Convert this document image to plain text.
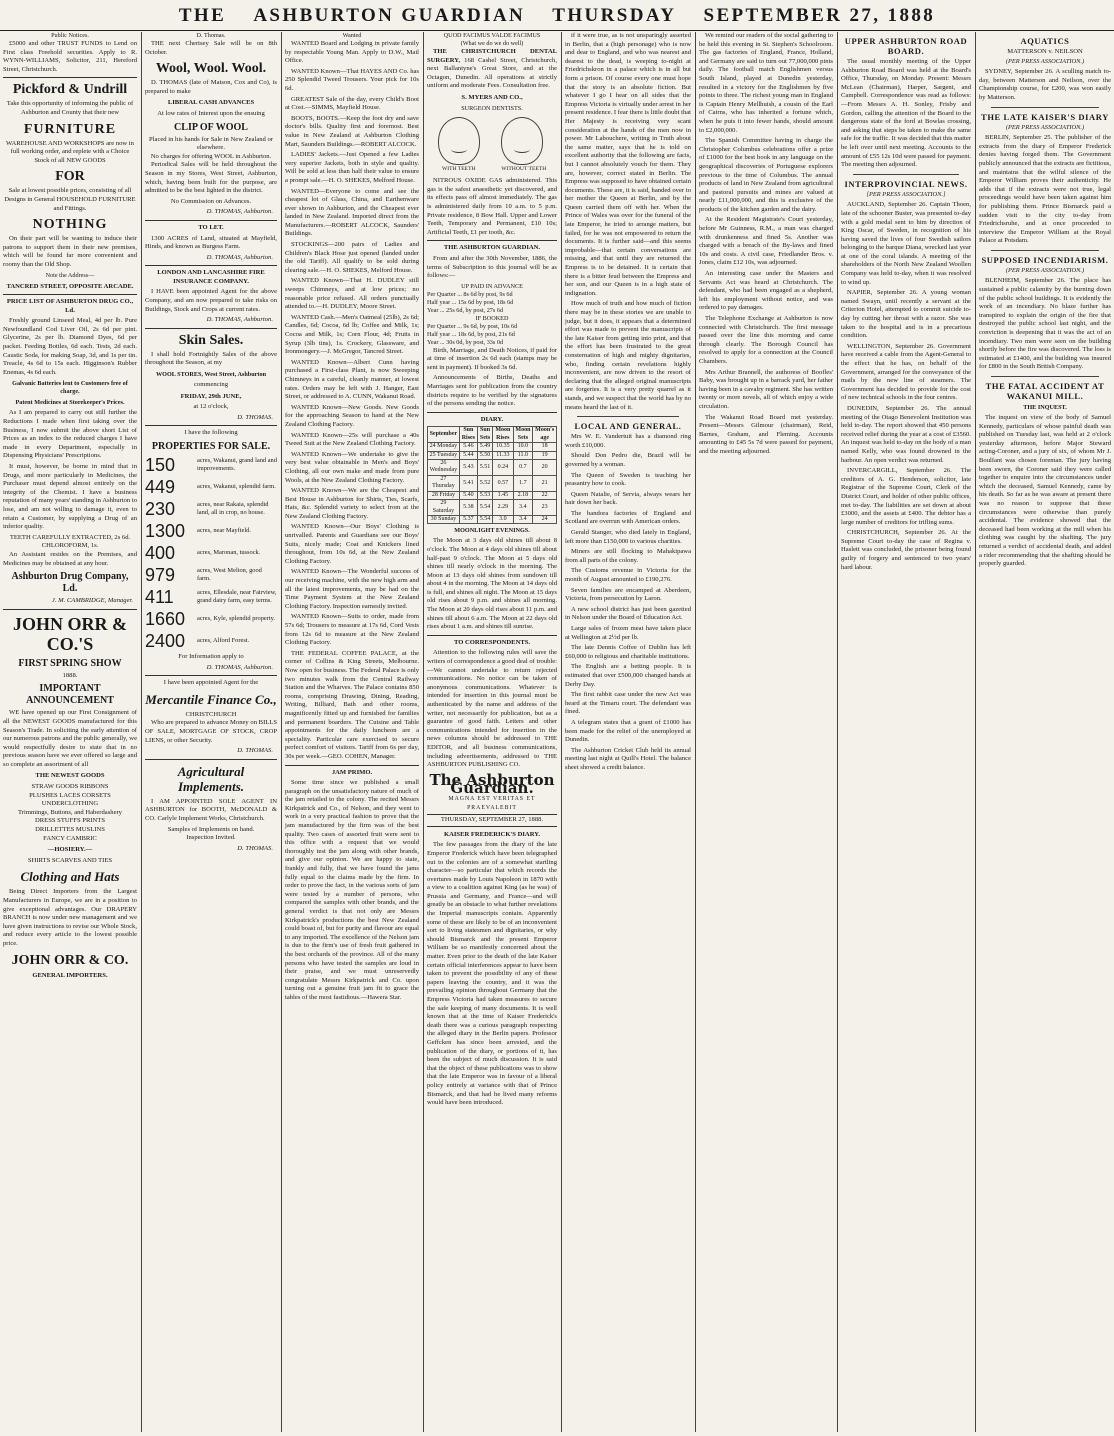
THE ASHBURTON GUARDIAN THURSDAY SEPTEMBER 27, 1888
Public Notices.
£5000 and other TRUST FUNDS to Lend on First class Freehold securities. Apply to R. WYNN-WILLIAMS, Solicitor, 211, Hereford Street, Christchurch.
Pickford & Undrill
Take this opportunity of informing the public of Ashburton and County that their new
FURNITURE
WAREHOUSE AND WORKSHOPS are now in full working order, and replete with a Choice Stock of all NEW GOODS
FOR
Sale at lowest possible prices, consisting of all Designs in General HOUSEHOLD FURNITURE and Fittings.
NOTHING
On their part will be wanting to induce their patrons to support them in their new premises, which will be found far more convenient and roomy than the Old Shop.
Note the Address—
TANCRED STREET, OPPOSITE ARCADE.
PRICE LIST OF ASHBURTON DRUG CO., Ld.
Freshly ground Linseed Meal, 4d per lb. Pure Newfoundland Cod Liver Oil, 2s 6d per pint. Glycerine, 2s per lb. Diamond Dyes, 6d per packet. Feeding Bottles, 6d each. Tests, 2d each. Caustic Soda, for making Soap, 3d, and 1s per tin. Treacle, 4s 6d to 15s each. Higginson's Rubber Enemas, 4s 6d each.
Galvanic Batteries lent to Customers free of charge.
Patent Medicines at Storekeeper's Prices.
As I am prepared to carry out still further the Reductions I made when first taking over the Business, I now submit the above short List of Prices as an index to the reduced charges I have made in every Department, especially in Dispensing Physicians' Prescriptions.
It must, however, be borne in mind that in Drugs, and more particularly in Medicines, the Purchaser must depend almost entirely on the integrity of the Chemist. I have a business reputation of many years' standing in Ashburton to lose, and am not willing to damage it, even to retain a Customer, by supplying a Drug of an inferior quality.
TEETH CAREFULLY EXTRACTED, 2s 6d. CHLOROFORM, 1s.
An Assistant resides on the Premises, and Medicines may be obtained at any hour.
Ashburton Drug Company, Ld.
J. M. CAMBRIDGE, Manager.
JOHN ORR & CO.'S
FIRST SPRING SHOW
1888.
IMPORTANT ANNOUNCEMENT
WE have opened up our First Consignment of all the NEWEST GOODS manufactured for this Season's Trade. In soliciting the early attention of our numerous patrons and the public generally, we would respectfully desire to state that in no previous season have we ever offered so large and so complete an assortment of all
THE NEWEST GOODS
STRAW GOODS RIBBONS
PLUSHES LACES CORSETS
UNDERCLOTHING
Trimmings, Buttons, and Haberdashery
DRESS STUFFS PRINTS
DRILLETTES MUSLINS
FANCY CAMBRIC
—HOSIERY.—
SHIRTS SCARVES AND TIES
Clothing and Hats
Being Direct Importers from the Largest Manufacturers in Europe, we are in a position to give exceptional advantages. Our DRAPERY BRANCH is now under new management and we have given instructions to revise our Whole Stock, and reduce every article to the lowest possible price.
JOHN ORR & CO.
GENERAL IMPORTERS.
D. Thomas.
THE next Chertsey Sale will be on 8th October.
Wool, Wool. Wool.
D. THOMAS (late of Matson, Cox and Co), is prepared to make
LIBERAL CASH ADVANCES
At low rates of Interest upon the ensuing
CLIP OF WOOL
Placed in his hands for Sale in New Zealand or elsewhere.
No charges for offering WOOL in Ashburton.
Periodical Sales will be held throughout the Season in my Stores, West Street, Ashburton, which, having been built for the purpose, are admitted to be the best lighted in the district.
No Commission on Advances.
D. THOMAS, Ashburton.
TO LET.
1300 ACRES of Land, situated at Mayfield, Hinds, and known as Burgess Farm.
D. THOMAS, Ashburton.
LONDON AND LANCASHIRE FIRE INSURANCE COMPANY.
I HAVE been appointed Agent for the above Company, and am now prepared to take risks on Buildings, Stock and Crops at current rates.
D. THOMAS, Ashburton.
Skin Sales.
I shall hold Fortnightly Sales of the above throughout the Season, at my
WOOL STORES, West Street, Ashburton
commencing
FRIDAY, 29th JUNE,
at 12 o'clock,
D. THOMAS.
I have the following
PROPERTIES FOR SALE.
150	acres, Wakanui, grand land and improvements.
449	acres, Wakanui, splendid farm.
230	acres, near Rakaia, splendid land, all in crop, no house.
1300	acres, near Mayfield.
400	acres, Maronan, tussock.
979	acres, West Melton, good farm.
411	acres, Ellesdale, near Fairview, grand dairy farm, easy terms.
1660	acres, Kyle, splendid property.
2400	acres, Alford Forest.
For Information apply to
D. THOMAS, Ashburton.
I have been appointed Agent for the
Mercantile Finance Co.,
CHRISTCHURCH
Who are prepared to advance Money on BILLS OF SALE, MORTGAGE OF STOCK, CROP LIENS, or other Security.
D. THOMAS.
Agricultural Implements.
I AM APPOINTED SOLE AGENT IN ASHBURTON for BOOTH, McDONALD & CO. Carlyle Implement Works, Christchurch.
Samples of Implements on hand.
Inspection Invited.
D. THOMAS.
Wanted
WANTED Board and Lodging in private family by respectable Young Man. Apply to D.W., Mail Office.
WANTED Known—That HAYES AND Co. has 250 Splendid Tweed Trousers. Your pick for 10s 6d.
GREATEST Sale of the day, every Child's Boot at Cost.—SIMMS, Mayfield House.
BOOTS, BOOTS.—Keep the foot dry and save doctor's bills. Quality first and foremost. Best value in New Zealand at Ashburton Clothing Mart, Saunders Buildings.—ROBERT ALCOCK.
LADIES' Jackets.—Just Opened a few Ladies very superior Jackets, both in style and quality. Will be sold at less than half their value to ensure a prompt sale.—H. O. SHEKES, Melford House.
WANTED—Everyone to come and see the cheapest lot of Glass, China, and Earthenware ever shown in Ashburton, and the Cheapest ever landed in New Zealand. Imported direct from the Manufacturers.—ROBERT ALCOCK, Saunders' Buildings.
STOCKINGS—200 pairs of Ladies and Children's Black Hose just opened (landed under the old Tariff). All qualify to be sold during clearing sale.—H. O. SHEKES, Melford House.
WANTED Known—That H. DUDLEY still sweeps Chimneys, and at low prices; no reasonable price refused. All orders punctually attended to.—H. DUDLEY, Moore Street.
WANTED Cash.—Men's Oatmeal (25lb), 2s 6d; Candles, 6d; Cocoa, 6d lb; Coffee and Milk, 1s; Cocoa and Milk, 1s; Corn Flour, 4d; Fruits in Syrup (3lb tins), 1s. Crockery, Glassware, and Ironmongery.—J. McGregor, Tancred Street.
WANTED Known—Albert Cunn having purchased a First-class Plant, is now Sweeping Chimneys in a careful, cleanly manner, at lowest rates. Orders may be left with J. Hanger, East Street, or addressed to A. CUNN, Wakanui Road.
WANTED Known—New Goods. New Goods for the approaching Season to hand at the New Zealand Clothing Factory.
WANTED Known—25s will purchase a 40s Tweed Suit at the New Zealand Clothing Factory.
WANTED Known—We undertake to give the very best value obtainable in Men's and Boys' Clothing, all our own make and made from pure Wools, at the New Zealand Clothing Factory.
WANTED Known—We are the Cheapest and Best House in Ashburton for Shirts, Ties, Scarfs, Hats, &c. Splendid variety to select from at the New Zealand Clothing Factory.
WANTED Known—Our Boys' Clothing is unrivalled. Parents and Guardians see our Boys' Suits, nicely made; Coat and Knickers lined throughout, from 10s 6d, at the New Zealand Clothing Factory.
WANTED Known—The Wonderful success of our receiving machine, with the new high arm and all the latest improvements, may be had on the Time Payment System at the New Zealand Clothing Factory. Inspection earnestly invited.
WANTED Known—Suits to order, made from 57s 6d; Trousers to measure at 17s 6d, Cord Vests from 12s 6d to measure at the New Zealand Clothing Factory.
THE FEDERAL COFFEE PALACE, at the corner of Collins & King Streets, Melbourne. Now open for business. The Federal Palace is only two minutes walk from the Central Railway Station and the Wharves. The Palace contains 850 rooms, comprising Drawing, Dining, Reading, Writing, Billiard, Bath and other rooms, magnificently fitted up and furnished for families and permanent boarders. The Cuisine and Table appointments for the daily luncheon are a speciality. Particular care exercised to secure perfect comfort of visitors. Tariff from 6s per day, 30s per week.—GEO. COHEN, Manager.
JAM PRIMO.
Some time since we published a small paragraph on the unsatisfactory nature of much of the jam retailed to the colony. The recited Messrs Kirkpatrick and Co., of Nelson, and they went to work in a very practical fashion to prove that the jam manufactured by the firm was of the best quality. Two cases of assorted fruit were sent to this office with a request that we would thoroughly test the jam along with other brands, and give our opinion. We are happy to state, frankly and fully, that we have found the jams fully equal to the claims made by the firm. In order to prove the fact, in the various sorts of jam were tested by a number of persons, who compared the samples with other brands, and the general verdict is that not only are Messrs Kirkpatrick's productions the best New Zealand could boast of, but for purity and flavour are equal to any imported. The excellence of the Nelson jam is due to the firm's use of fresh fruit gathered in the best orchards of the province. All of the many persons who have tested the samples are loud in their praise, and we must unreservedly congratulate Messrs Kirkpatrick and Co. upon turning out a genuine fruit jam fit to grace the tables of the most fastidious.—Hawera Star.
QUOD FACIMUS VALDE FACIMUS
(What we do we do well)
THE CHRISTCHURCH DENTAL SURGERY, 168 Cashel Street, Christchurch, next Ballantyne's Great Store, and at the Octagon, Dunedin. All operations at strictly uniform and moderate Fees. Consultation free.
S. MYERS AND CO.,
SURGEON DENTISTS.
WITH TEETH	WITHOUT TEETH
NITROUS OXIDE GAS administered. This gas is the safest anaesthetic yet discovered, and its effects pass off almost immediately. The gas is administered daily from 10 a.m. to 5 p.m. Private residence, 8 Bow Hall. Upper and Lower Teeth, Temporary and Permanent, £10 10s; Artificial Teeth, £1 per tooth, &c.
THE ASHBURTON GUARDIAN.
From and after the 30th November, 1886, the terms of Subscription to this journal will be as follows:—
UP PAID IN ADVANCE
Per Quarter ... 8s 6d by post, 9s 6d
Half year ... 15s 6d by post, 18s 6d
Year ... 25s 6d, by post, 27s 6d
IF BOOKED
Per Quarter ... 9s 6d, by post, 10s 6d
Half year ... 18s 6d, by post, 21s 6d
Year ... 30s 0d, by post, 33s 0d
Birth, Marriage, and Death Notices, if paid for at time of insertion 2s 6d each (stamps may be sent in payment). If booked 3s 6d.
Announcements of Births, Deaths and Marriages sent for publication from the country districts require to be verified by the signatures of the persons sending the notice.
DIARY.
September	Sun Rises	Sun Sets	Moon Rises	Moon Sets	Moon's age
24 Monday	5.46	5.49	10.35	10.0	18
25 Tuesday	5.44	5.50	11.33	11.0	19
26 Wednesday	5.43	5.51	0.24	0.7	20
27 Thursday	5.41	5.52	0.57	1.7	21
28 Friday	5.40	5.53	1.45	2.18	22
29 Saturday	5.38	5.54	2.29	3.4	23
30 Sunday	5.37	5.54	3.0	3.4	24
MOONLIGHT EVENINGS.
The Moon at 3 days old shines till about 8 o'clock. The Moon at 4 days old shines till about half-past 9 o'clock. The Moon at 5 days old shines till nearly o'clock in the morning. The Moon at 13 days old shines from sundown till about 4 in the morning. The Moon at 14 days old is full, and shines all night. The Moon at 15 days old rises about 9 p.m. and shines all morning. The Moon at 20 days old rises about 11 p.m. and shines till about 6 a.m. The Moon at 22 days old rises about 1 a.m. and shines till sunrise.
TO CORRESPONDENTS.
Attention to the following rules will save the writers of correspondence a good deal of trouble:—We cannot undertake to return rejected communications. No notice can be taken of anonymous communications. Whatever is intended for insertion in this journal must be authenticated by the name and address of the writer, not necessarily for publication, but as a guarantee of good faith. Letters and other communications intended for insertion in the news columns should be addressed to THE EDITOR, and all business communications, including advertisements, addressed to THE ASHBURTON PUBLISHING CO.
The Ashburton Guardian.
MAGNA EST VERITAS ET PRAEVALEBIT
THURSDAY, SEPTEMBER 27, 1888.
KAISER FREDERICK'S DIARY.
The few passages from the diary of the late Emperor Frederick which have been telegraphed out to the colonies are of a somewhat startling character—so particular that which records the overtures made by Louis Napoleon in 1870 with a view to a coalition against King (as he was) of Prussia and Germany, and France—and will greatly be an obstacle to what further revelations the Imperial manuscripts contain. Apparently some of these are likely to be of an inconvenient sort to living statesmen and dignitaries, or why should Bismarck and the present Emperor William be so manifestly concerned about the matter. Even prior to the death of the late Kaiser certain official interferences appear to have been taken to prevent the possibility of any of these papers leaving the country, and it was the prevailing opinion throughout Germany that the Empress Victoria had taken measures to secure the safe keeping of many documents. It is well known that at the time of Kaiser Frederick's death there was a curious paragraph respecting the alleged diary in the Berlin papers. Professor Geffcken has since been arrested, and the publication of the diary, or portions of it, has been the subject of much discussion. It is said that the object of these publications was to show that the late Emperor was in favour of a liberal policy entirely at variance with that of Prince Bismarck, and that had he lived many reforms would have been introduced.
if it were true, as is not unsparingly asserted in Berlin, that a (high personage) who is now and dear to England, and who was nearest and dearest to the dead, is weeping to-night at Friedrichskron in a palace which is in all but form a prison. Of course every one must hope that the story is an absolute fiction. But whatever I go I hear on all sides that the Empress Victoria is virtually under arrest in her present residence. I fear there is little doubt that Her Majesty is receiving very scant consideration at the hands of the men now in power. Mr Labouchere, writing in Truth about the same matter, says that he is told on excellent authority that the following are facts, but I cannot absolutely vouch for them. They are, however, correct stated in Berlin. The Empress was supposed to have obtained certain documents. These are, it is said, handed over to her mother the Queen at Berlin, and by the Queen carried them off with her. When the Prince of Wales was over for the funeral of the late Emperor, he tried to arrange matters, but failed, for he was not empowered to return the documents. It is further said—and this seems improbable—that certain conversations are missing, and that until they are returned the Empress is to be detained. It is certain that there is a bitter feud between the Empress and her son, and our Queen is in a high state of indignation.
How much of truth and how much of fiction there may be in these stories we are unable to judge, but it does, it appears that a determined effort was made to prevent the manuscripts of the late Kaiser from getting into print, and that the effort has been frustrated to the great consternation of high and mighty dignitaries, who, finding certain revelations highly inconvenient, are now driven to the resort of declaring that the alleged original manuscripts are forgeries. It is a very pretty quarrel as it stands, and we suspect that the world has by no means heard the last of it.
LOCAL AND GENERAL.
Mrs W. E. Vandertuit has a diamond ring worth £10,000.
Should Don Pedro die, Brazil will be governed by a woman.
The Queen of Sweden is teaching her peasantry how to cook.
Queen Natalie, of Servia, always wears her hair down her back.
The bandora factories of England and Scotland are overrun with American orders.
Gerald Stanger, who died lately in England, left more than £150,000 to various charities.
Miners are still flocking to Mahakipawa from all parts of the colony.
The Customs revenue in Victoria for the month of August amounted to £190,276.
Seven families are encamped at Aberdeen, Victoria, from persecution by Laron.
A new school district has just been gazetted in Nelson under the Board of Education Act.
Large sales of frozen meat have taken place at Wellington at 2½d per lb.
The late Dennis Coffee of Dublin has left £60,000 to religious and charitable institutions.
The English are a betting people. It is estimated that over £500,000 changed hands at Derby Day.
The first rabbit case under the new Act was heard at the Timaru court. The defendant was fined.
A telegram states that a grant of £1000 has been made for the relief of the unemployed at Dunedin.
The Ashburton Cricket Club held its annual meeting last night at Quill's Hotel. The balance sheet showed a credit balance.
We remind our readers of the social gathering to be held this evening in St. Stephen's Schoolroom. The gas factories of England, France, Holland, and Germany are said to turn out 77,000,000 pints daily. The football match Englishmen versus South Island, played at Dunedin yesterday, resulted in a victory for the Englishmen by five points to three. The richest young man in England is Captain Henry Mellhuish, a cousin of the Earl of Cairns, who has inherited a fortune which, when he puts it into fewer hands, should amount to £2,000,000.
The Spanish Committee having in charge the Christopher Columbus celebrations offer a prize of £1000 for the best book in any language on the geographical discoveries of Portuguese explorers previous to the time of Columbus. The annual products of land in New Zealand from agricultural and pastoral pursuits and mines are valued at nearly £11,000,000, and this is exclusive of the products of the kitchen garden and the dairy.
At the Resident Magistrate's Court yesterday, before Mr Guinness, R.M., a man was charged with drunkenness and fined 5s. Another was charged with a breach of the By-laws and fined 10s and costs. A civil case, Friedlander Bros. v. Jones, claim £12 10s, was adjourned.
An interesting case under the Masters and Servants Act was heard at Christchurch. The defendant, who had been engaged as a shepherd, left his employment without notice, and was ordered to pay damages.
The Telephone Exchange at Ashburton is now connected with Christchurch. The first message passed over the line this morning and came through clearly. The Borough Council has resolved to apply for a connection at the Council Chambers.
Mrs Arthur Brannell, the authoress of Boofles' Baby, was brought up in a barrack yard, her father having been in a cavalry regiment. She has written twenty or more novels, all of which enjoy a wide circulation.
The Wakanui Road Board met yesterday. Present—Messrs Gilmour (chairman), Reid, Barnes, Graham, and Fleming. Accounts amounting to £45 5s 7d were passed for payment, and the meeting adjourned.
UPPER ASHBURTON ROAD BOARD.
The usual monthly meeting of the Upper Ashburton Road Board was held at the Board's Office, Thursday, on Monday. Present: Messrs McLean (Chairman), Harper, Sargent, and Campbell. Correspondence was read as follows:—From Messrs A. H. Sonley, Frisby and Gordon, calling the attention of the Board to the dangerous state of the ford at Bowlas crossing, and asking that steps be taken to make the same safe for the traffic. It was decided that this matter be left over until next meeting. Accounts to the amount of £55 12s 10d were passed for payment. The meeting then adjourned.
INTERPROVINCIAL NEWS.
[PER PRESS ASSOCIATION.]
AUCKLAND, September 26. Captain Thoen, late of the schooner Buster, was presented to-day with a gold medal sent to him by direction of King Oscar, of Sweden, in recognition of his having saved the lives of four Swedish sailors belonging to the barque Diana, wrecked last year at one of the coral islands. A meeting of the shareholders of the North New Zealand Woollen Company was held to-day, when it was resolved to wind up.
NAPIER, September 26. A young woman named Swayn, until recently a servant at the Criterion Hotel, attempted to commit suicide to-day by cutting her throat with a razor. She was taken to the hospital and is in a precarious condition.
WELLINGTON, September 26. Government have received a cable from the Agent-General to the effect that he has, on behalf of the Government, arranged for the conveyance of the mails by the new line of steamers. The Government has decided to provide for the cost of new technical schools in the four centres.
DUNEDIN, September 26. The annual meeting of the Otago Benevolent Institution was held to-day. The report showed that 450 persons received relief during the year at a cost of £3560. An inquest was held to-day on the body of a man named Kelly, who was found drowned in the harbour. An open verdict was returned.
INVERCARGILL, September 26. The creditors of A. G. Henderson, solicitor, late Registrar of the Supreme Court, Clerk of the District Court, and holder of other public offices, met to-day. The liabilities are set down at about £3000, and the assets at £400. The debtor has a large number of creditors for trifling sums.
CHRISTCHURCH, September 26. At the Supreme Court to-day the case of Regina v. Haslett was concluded, the prisoner being found guilty of forgery and sentenced to two years' hard labour.
AQUATICS
MATTERSON v. NEILSON
(PER PRESS ASSOCIATION.)
SYDNEY, September 26. A sculling match to-day, between Matterson and Neilson, over the Championship course, for £200, was won easily by Matterson.
THE LATE KAISER'S DIARY
(PER PRESS ASSOCIATION.)
BERLIN, September 25. The publisher of the extracts from the diary of Emperor Frederick denies having forged them. The Government publicly announced that the extracts are fictitious, and maintains that the wilful silence of the Emperor William proves their authenticity. He adds that if the extracts were not true, legal proceedings would have been taken against him for publishing them. Prince Bismarck paid a sudden visit to the city to-day from Friedrichsruhe, and at once proceeded to interview the Emperor William at the Royal Palace at Potsdam.
SUPPOSED INCENDIARISM.
(PER PRESS ASSOCIATION.)
BLENHEIM, September 26. The place has sustained a public calamity by the burning down of the public school buildings. It is evidently the work of an incendiary. No blaze further has transpired to explain the origin of the fire that destroyed the public school last night, and the conviction is deepening that it was the act of an incendiary. Two men were seen on the building shortly before the fire was discovered. The loss is estimated at £1400, and the building was insured for £800 in the South British Company.
THE FATAL ACCIDENT AT WAKANUI MILL.
THE INQUEST.
The inquest on view of the body of Samuel Kennedy, particulars of whose painful death was published on Tuesday last, was held at 2 o'clock yesterday afternoon, before Major Steward acting-Coroner, and a jury of six, of whom Mr J. Boulfant was chosen foreman. The jury having been sworn, the Coroner said they were called together to enquire into the circumstances under which the deceased, Samuel Kennedy, came by his death. So far as he was aware at present there was no reason to suppose that these circumstances were otherwise than purely accidental. The evidence showed that the deceased had been working at the mill when his clothing was caught by the shafting. The jury returned a verdict of accidental death, and added a rider recommending that the shafting should be properly guarded.
